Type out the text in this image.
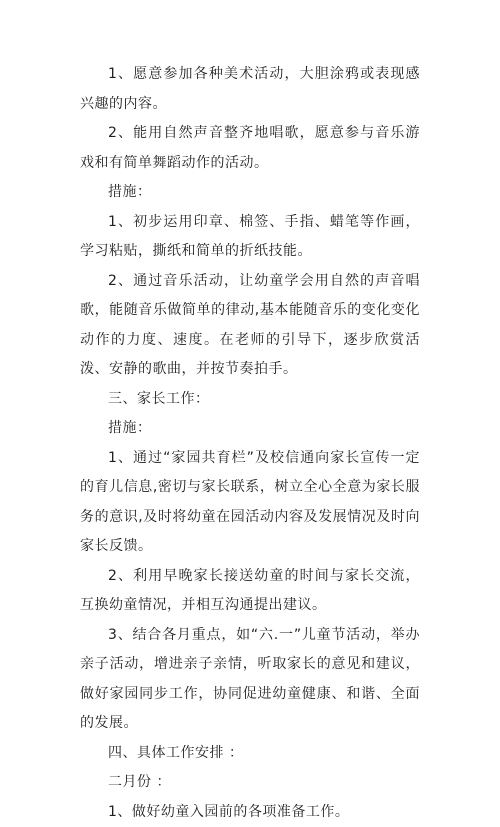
1、愿意参加各种美术活动，大胆涂鸦或表现感兴趣的内容。

2、能用自然声音整齐地唱歌，愿意参与音乐游戏和有简单舞蹈动作的活动。

措施：

1、初步运用印章、棉签、手指、蜡笔等作画，学习粘贴，撕纸和简单的折纸技能。

2、通过音乐活动，让幼童学会用自然的声音唱歌，能随音乐做简单的律动,基本能随音乐的变化变化动作的力度、速度。在老师的引导下，逐步欣赏活泼、安静的歌曲，并按节奏拍手。

三、家长工作：

措施：

1、通过“家园共育栏”及校信通向家长宣传一定的育儿信息,密切与家长联系，树立全心全意为家长服务的意识,及时将幼童在园活动内容及发展情况及时向家长反馈。

2、利用早晚家长接送幼童的时间与家长交流，互换幼童情况，并相互沟通提出建议。

3、结合各月重点，如“六.一”儿童节活动，举办亲子活动，增进亲子亲情，听取家长的意见和建议，做好家园同步工作，协同促进幼童健康、和谐、全面的发展。

四、具体工作安排 ：

二月份 ：

1、做好幼童入园前的各项准备工作。
